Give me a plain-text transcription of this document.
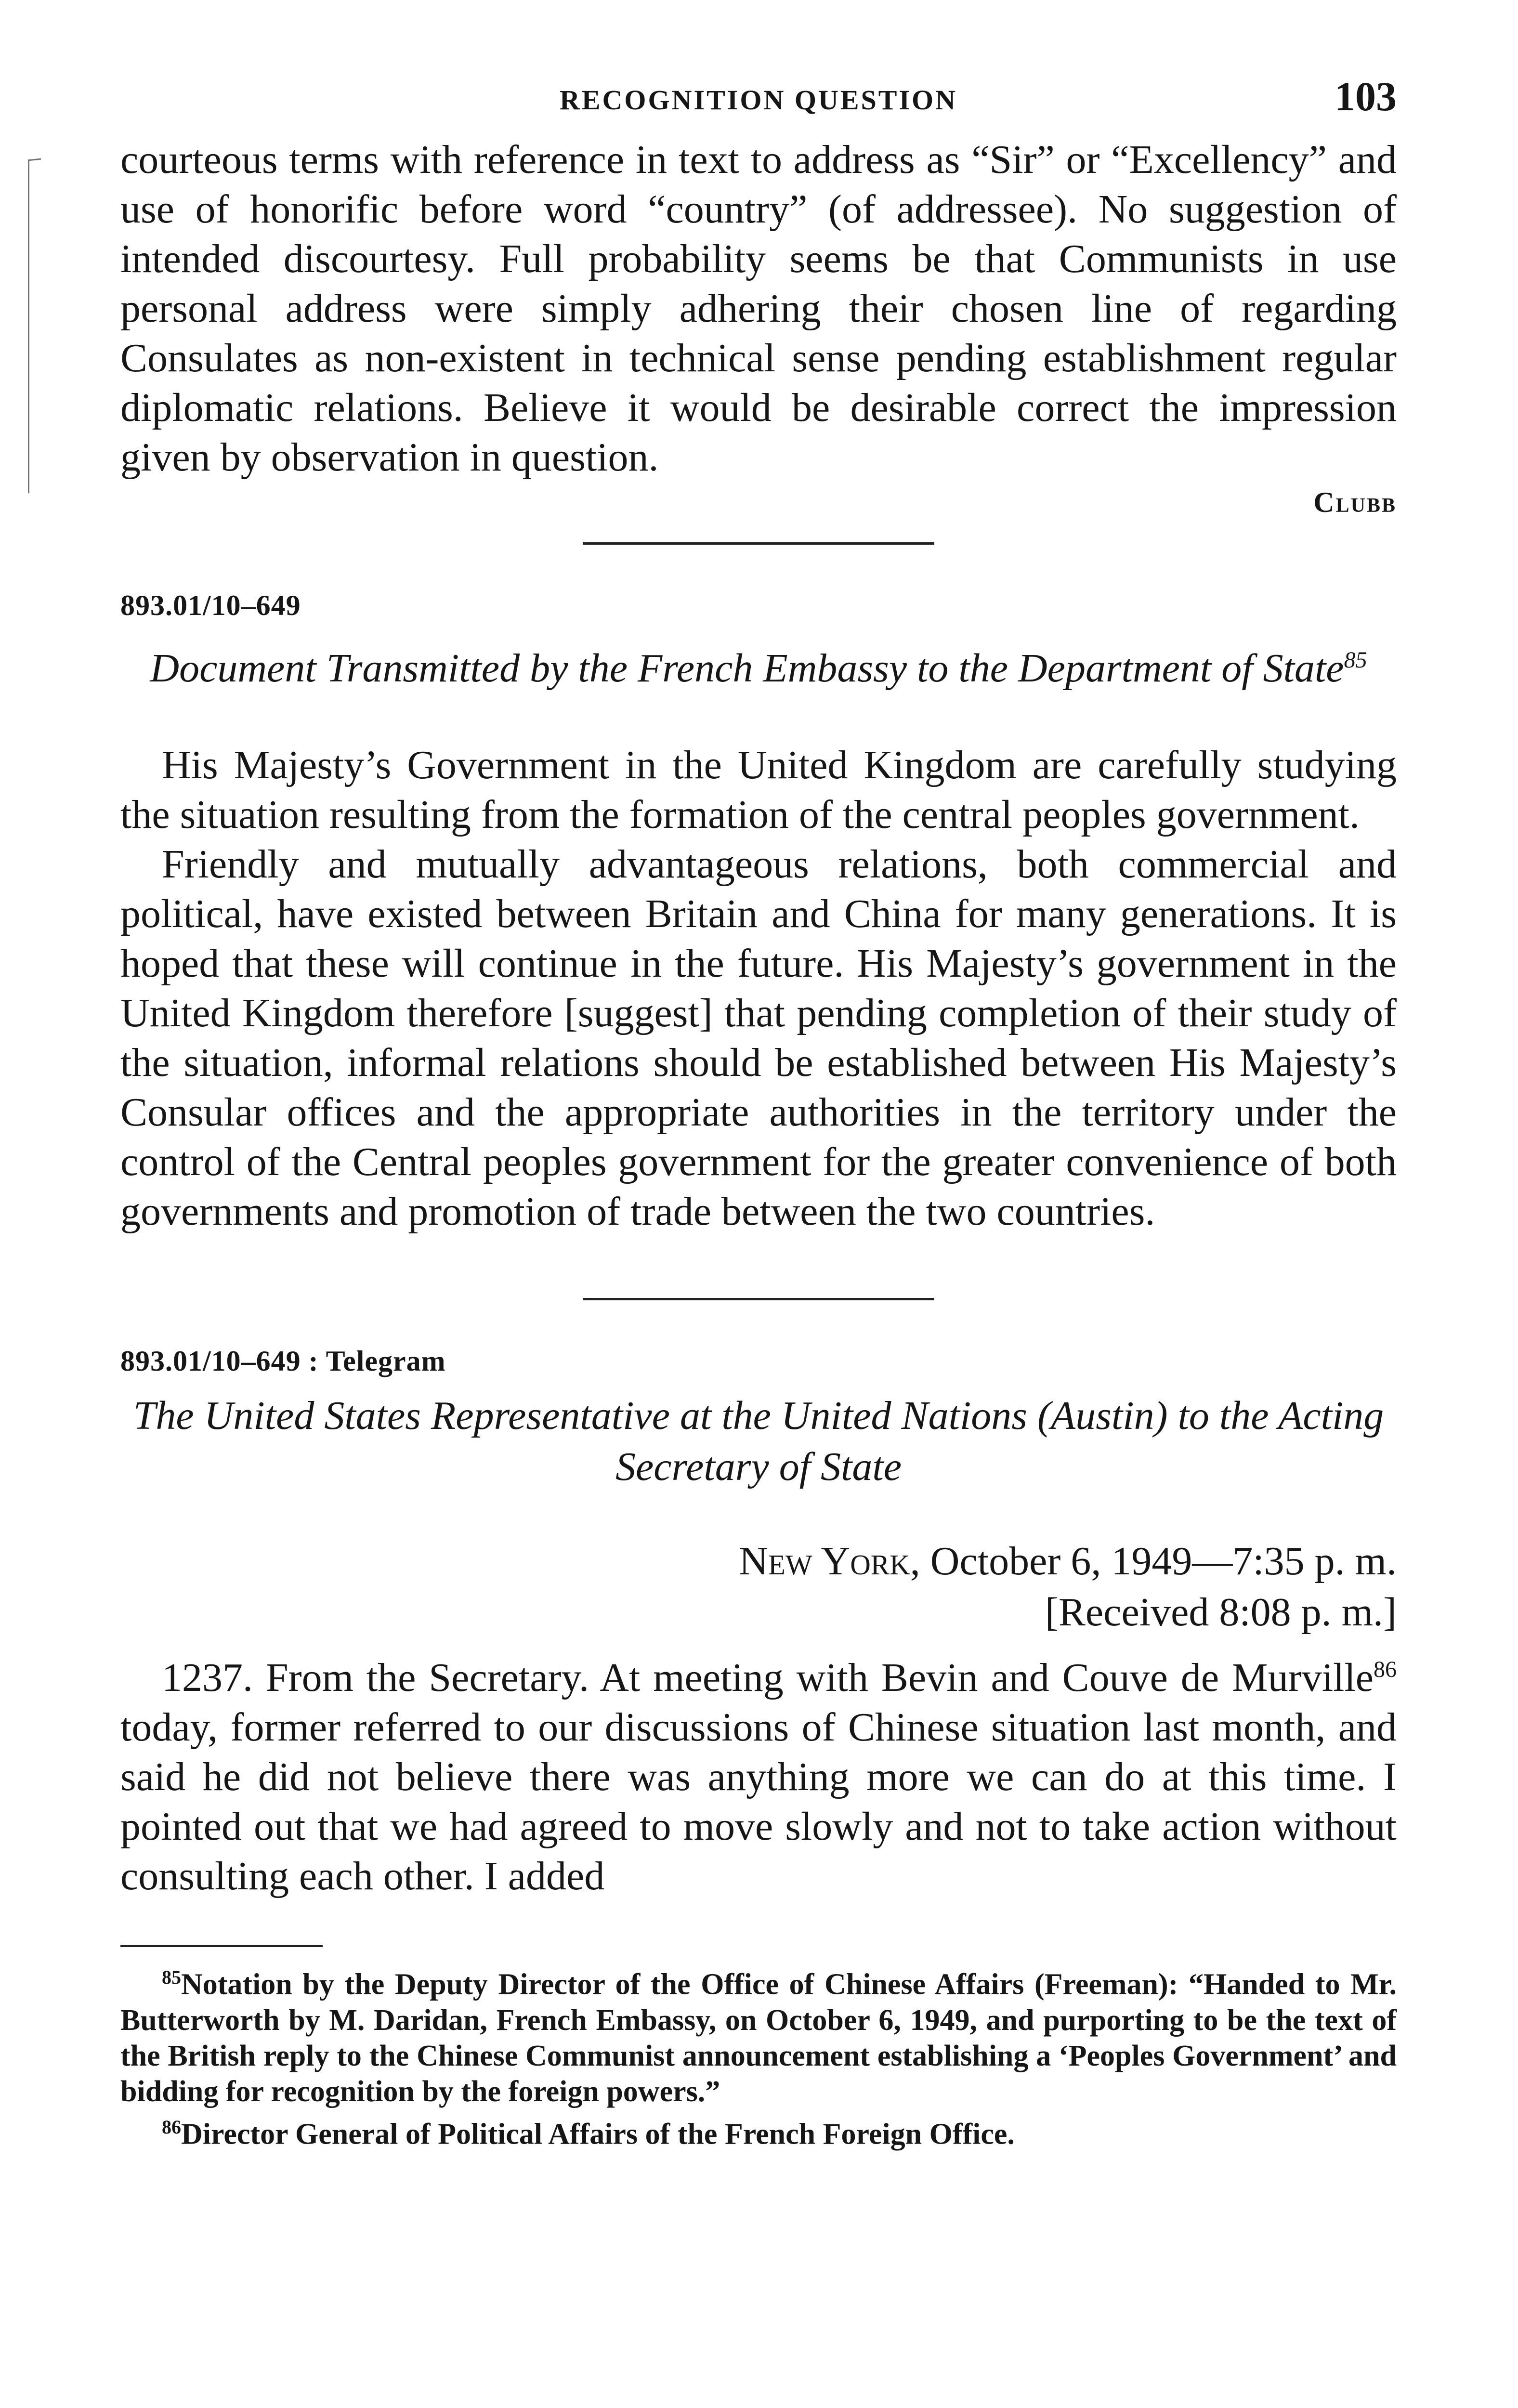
RECOGNITION QUESTION	103

courteous terms with reference in text to address as “Sir” or “Excellency” and use of honorific before word “country” (of addressee). No suggestion of intended discourtesy. Full probability seems be that Communists in use personal address were simply adhering their chosen line of regarding Consulates as non-existent in technical sense pending establishment regular diplomatic relations. Believe it would be desirable correct the impression given by observation in question.

Clubb
893.01/10–649
Document Transmitted by the French Embassy to the Department of State$^{85}$

His Majesty’s Government in the United Kingdom are carefully studying the situation resulting from the formation of the central peoples government.

Friendly and mutually advantageous relations, both commercial and political, have existed between Britain and China for many generations. It is hoped that these will continue in the future. His Majesty’s government in the United Kingdom therefore [suggest] that pending completion of their study of the situation, informal relations should be established between His Majesty’s Consular offices and the appropriate authorities in the territory under the control of the Central peoples government for the greater convenience of both governments and promotion of trade between the two countries.

893.01/10–649 : Telegram
The United States Representative at the United Nations (Austin) to the Acting Secretary of State
New York, October 6, 1949—7:35 p. m.
[Received 8:08 p. m.]

1237. From the Secretary. At meeting with Bevin and Couve de Murville$^{86}$ today, former referred to our discussions of Chinese situation last month, and said he did not believe there was anything more we can do at this time. I pointed out that we had agreed to move slowly and not to take action without consulting each other. I added

$^{85}$Notation by the Deputy Director of the Office of Chinese Affairs (Freeman): “Handed to Mr. Butterworth by M. Daridan, French Embassy, on October 6, 1949, and purporting to be the text of the British reply to the Chinese Communist announcement establishing a ‘Peoples Government’ and bidding for recognition by the foreign powers.”
$^{86}$Director General of Political Affairs of the French Foreign Office.
